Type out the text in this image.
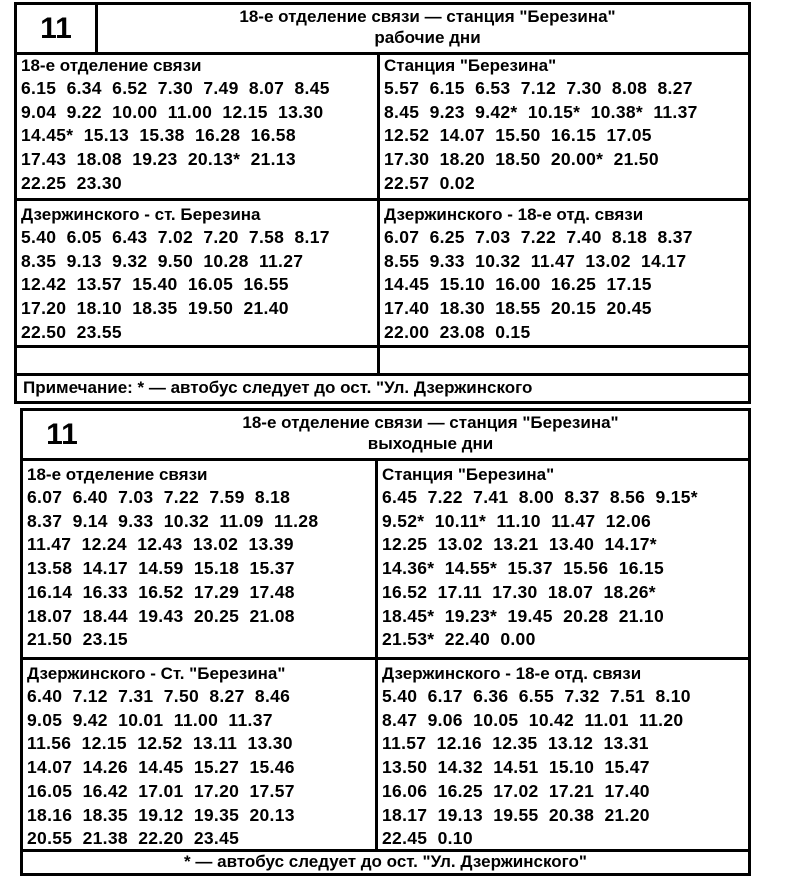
11	18-е отделение связи — станция "Березина"
рабочие дни
18-е отделение связи
6.15  6.34  6.52  7.30  7.49  8.07  8.45
9.04  9.22  10.00  11.00  12.15  13.30
14.45*  15.13  15.38  16.28  16.58
17.43  18.08  19.23  20.13*  21.13
22.25  23.30
Станция "Березина"
5.57  6.15  6.53  7.12  7.30  8.08  8.27
8.45  9.23  9.42*  10.15*  10.38*  11.37
12.52  14.07  15.50  16.15  17.05
17.30  18.20  18.50  20.00*  21.50
22.57  0.02
Дзержинского - ст. Березина
5.40  6.05  6.43  7.02  7.20  7.58  8.17
8.35  9.13  9.32  9.50  10.28  11.27
12.42  13.57  15.40  16.05  16.55
17.20  18.10  18.35  19.50  21.40
22.50  23.55
Дзержинского - 18-е отд. связи
6.07  6.25  7.03  7.22  7.40  8.18  8.37
8.55  9.33  10.32  11.47  13.02  14.17
14.45  15.10  16.00  16.25  17.15
17.40  18.30  18.55  20.15  20.45
22.00  23.08  0.15
Примечание: * — автобус следует до ост. "Ул. Дзержинского
11	18-е отделение связи — станция "Березина"
выходные дни
18-е отделение связи
6.07  6.40  7.03  7.22  7.59  8.18
8.37  9.14  9.33  10.32  11.09  11.28
11.47  12.24  12.43  13.02  13.39
13.58  14.17  14.59  15.18  15.37
16.14  16.33  16.52  17.29  17.48
18.07  18.44  19.43  20.25  21.08
21.50  23.15
Станция "Березина"
6.45  7.22  7.41  8.00  8.37  8.56  9.15*
9.52*  10.11*  11.10  11.47  12.06
12.25  13.02  13.21  13.40  14.17*
14.36*  14.55*  15.37  15.56  16.15
16.52  17.11  17.30  18.07  18.26*
18.45*  19.23*  19.45  20.28  21.10
21.53*  22.40  0.00
Дзержинского - Ст. "Березина"
6.40  7.12  7.31  7.50  8.27  8.46
9.05  9.42  10.01  11.00  11.37
11.56  12.15  12.52  13.11  13.30
14.07  14.26  14.45  15.27  15.46
16.05  16.42  17.01  17.20  17.57
18.16  18.35  19.12  19.35  20.13
20.55  21.38  22.20  23.45
Дзержинского - 18-е отд. связи
5.40  6.17  6.36  6.55  7.32  7.51  8.10
8.47  9.06  10.05  10.42  11.01  11.20
11.57  12.16  12.35  13.12  13.31
13.50  14.32  14.51  15.10  15.47
16.06  16.25  17.02  17.21  17.40
18.17  19.13  19.55  20.38  21.20
22.45  0.10
* — автобус следует до ост. "Ул. Дзержинского"
